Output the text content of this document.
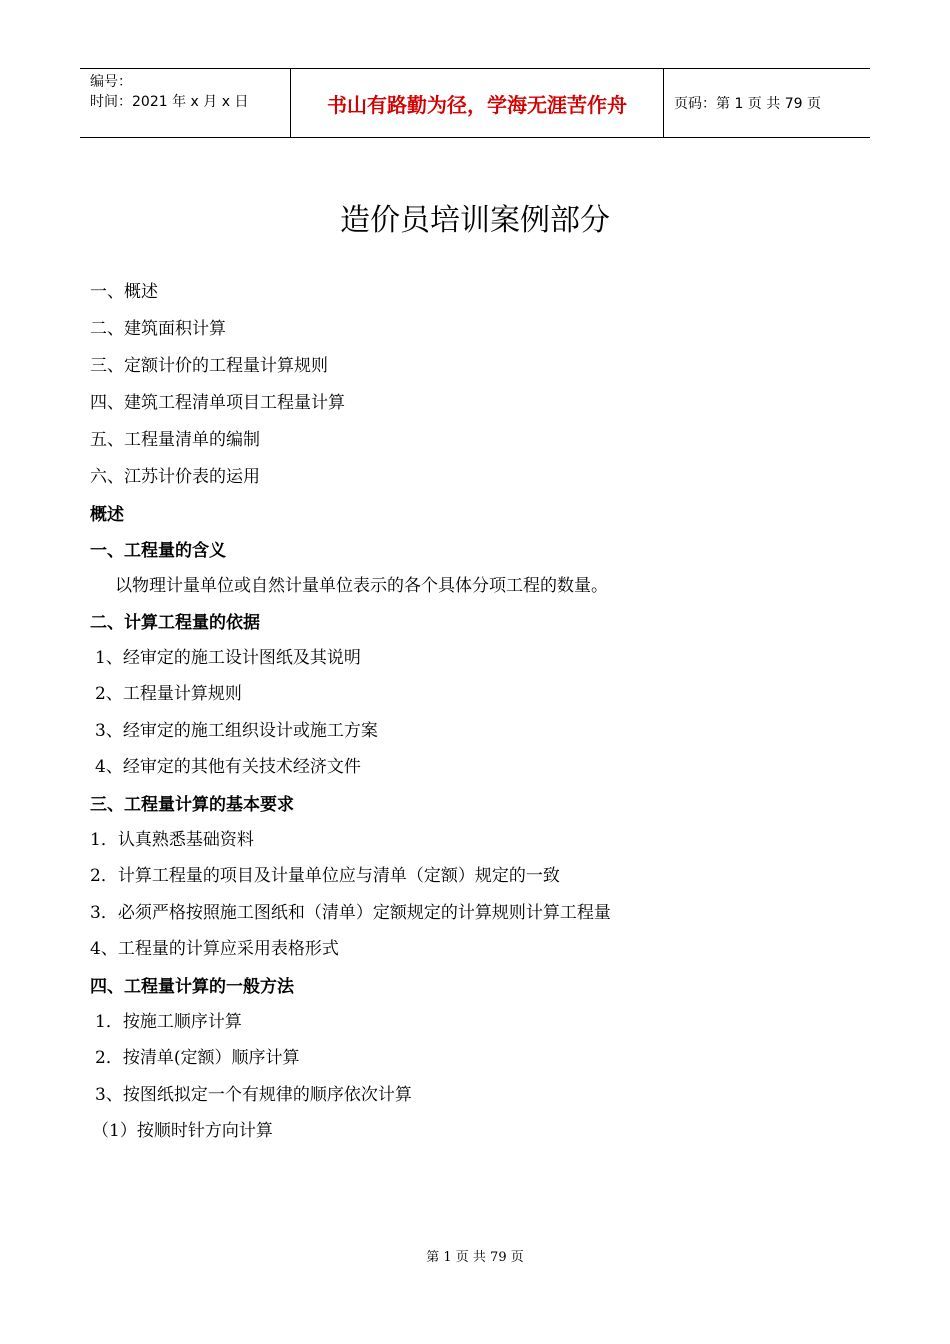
编号：
时间：2021 年 x 月 x 日	书山有路勤为径，学海无涯苦作舟	页码：第 1 页 共 79 页
造价员培训案例部分
一、概述
二、建筑面积计算
三、定额计价的工程量计算规则
四、建筑工程清单项目工程量计算
五、工程量清单的编制
六、江苏计价表的运用
概述
一、工程量的含义
以物理计量单位或自然计量单位表示的各个具体分项工程的数量。
二、计算工程量的依据
1、经审定的施工设计图纸及其说明
2、工程量计算规则
3、经审定的施工组织设计或施工方案
4、经审定的其他有关技术经济文件
三、工程量计算的基本要求
1．认真熟悉基础资料
2．计算工程量的项目及计量单位应与清单（定额）规定的一致
3．必须严格按照施工图纸和（清单）定额规定的计算规则计算工程量
4、工程量的计算应采用表格形式
四、工程量计算的一般方法
1．按施工顺序计算
2．按清单(定额）顺序计算
3、按图纸拟定一个有规律的顺序依次计算
（1）按顺时针方向计算
第 1 页 共 79 页
